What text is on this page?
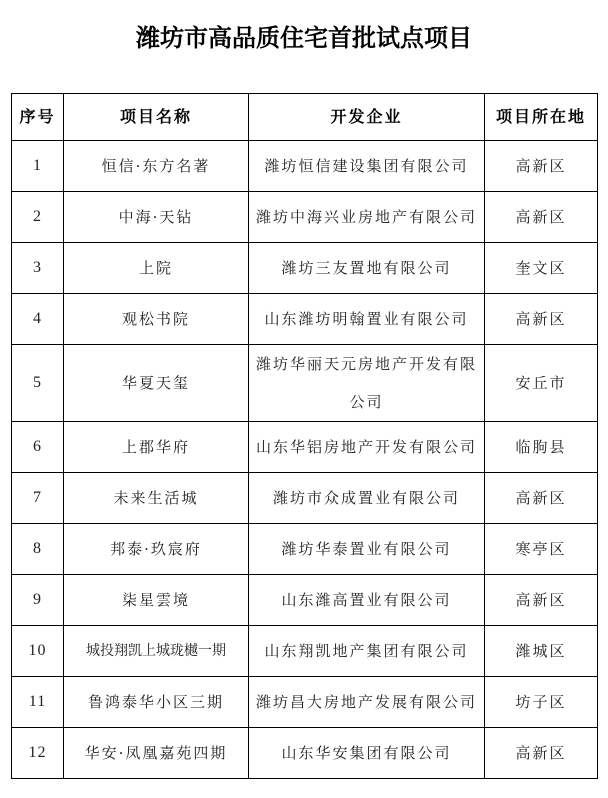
潍坊市高品质住宅首批试点项目
序号	项目名称	开发企业	项目所在地
1	恒信·东方名著	潍坊恒信建设集团有限公司	高新区
2	中海·天钻	潍坊中海兴业房地产有限公司	高新区
3	上院	潍坊三友置地有限公司	奎文区
4	观松书院	山东潍坊明翰置业有限公司	高新区
5	华夏天玺	潍坊华丽天元房地产开发有限公司	安丘市
6	上郡华府	山东华铝房地产开发有限公司	临朐县
7	未来生活城	潍坊市众成置业有限公司	高新区
8	邦泰·玖宸府	潍坊华泰置业有限公司	寒亭区
9	柒星雲境	山东潍高置业有限公司	高新区
10	城投翔凯上城珑樾一期	山东翔凯地产集团有限公司	潍城区
11	鲁鸿泰华小区三期	潍坊昌大房地产发展有限公司	坊子区
12	华安·凤凰嘉苑四期	山东华安集团有限公司	高新区
